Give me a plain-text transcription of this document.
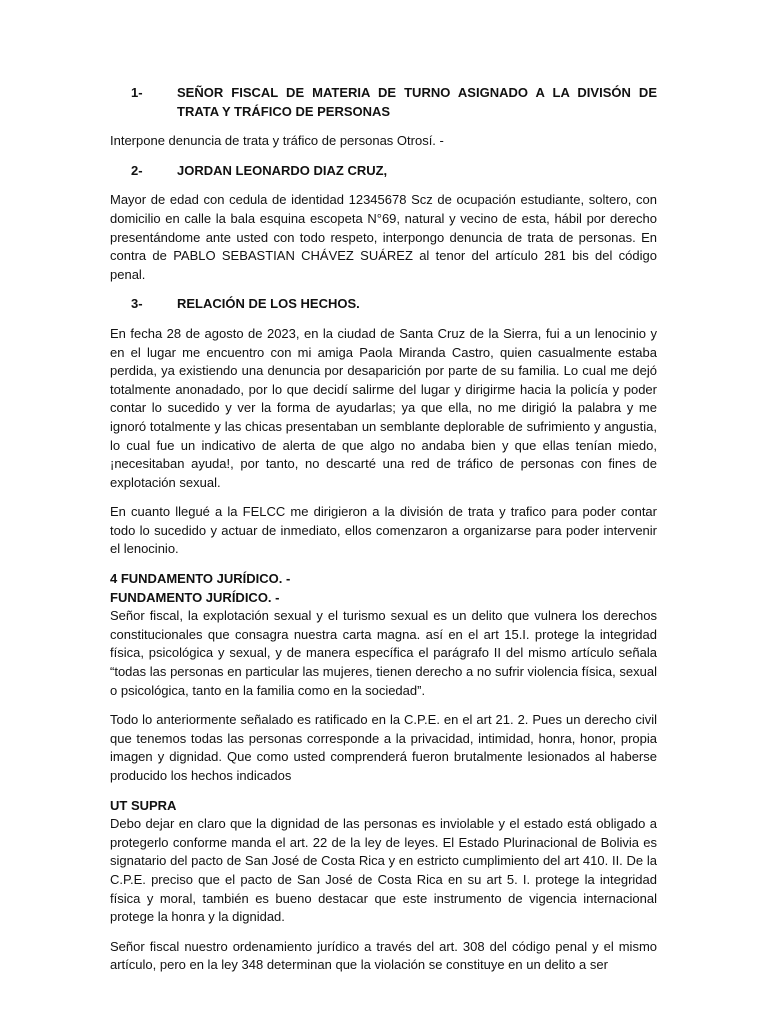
1-	SEÑOR FISCAL DE MATERIA DE TURNO ASIGNADO A LA DIVISÓN DE TRATA Y TRÁFICO DE PERSONAS

Interpone denuncia de trata y tráfico de personas Otrosí. -

2-	JORDAN LEONARDO DIAZ CRUZ,

Mayor de edad con cedula de identidad 12345678 Scz de ocupación estudiante, soltero, con domicilio en calle la bala esquina escopeta N°69, natural y vecino de esta, hábil por derecho presentándome ante usted con todo respeto, interpongo denuncia de trata de personas. En contra de PABLO SEBASTIAN CHÁVEZ SUÁREZ al tenor del artículo 281 bis del código penal.

3-	RELACIÓN DE LOS HECHOS.

En fecha 28 de agosto de 2023, en la ciudad de Santa Cruz de la Sierra, fui a un lenocinio y en el lugar me encuentro con mi amiga Paola Miranda Castro, quien casualmente estaba perdida, ya existiendo una denuncia por desaparición por parte de su familia. Lo cual me dejó totalmente anonadado, por lo que decidí salirme del lugar y dirigirme hacia la policía y poder contar lo sucedido y ver la forma de ayudarlas; ya que ella, no me dirigió la palabra y me ignoró totalmente y las chicas presentaban un semblante deplorable de sufrimiento y angustia, lo cual fue un indicativo de alerta de que algo no andaba bien y que ellas tenían miedo, ¡necesitaban ayuda!, por tanto, no descarté una red de tráfico de personas con fines de explotación sexual.

En cuanto llegué a la FELCC me dirigieron a la división de trata y trafico para poder contar todo lo sucedido y actuar de inmediato, ellos comenzaron a organizarse para poder intervenir el lenocinio.

4 FUNDAMENTO JURÍDICO. -

FUNDAMENTO JURÍDICO. -

Señor fiscal, la explotación sexual y el turismo sexual es un delito que vulnera los derechos constitucionales que consagra nuestra carta magna. así en el art 15.I. protege la integridad física, psicológica y sexual, y de manera específica el parágrafo II del mismo artículo señala “todas las personas en particular las mujeres, tienen derecho a no sufrir violencia física, sexual o psicológica, tanto en la familia como en la sociedad”.

Todo lo anteriormente señalado es ratificado en la C.P.E. en el art 21. 2. Pues un derecho civil que tenemos todas las personas corresponde a la privacidad, intimidad, honra, honor, propia imagen y dignidad. Que como usted comprenderá fueron brutalmente lesionados al haberse producido los hechos indicados

UT SUPRA

Debo dejar en claro que la dignidad de las personas es inviolable y el estado está obligado a protegerlo conforme manda el art. 22 de la ley de leyes. El Estado Plurinacional de Bolivia es signatario del pacto de San José de Costa Rica y en estricto cumplimiento del art 410. II. De la C.P.E. preciso que el pacto de San José de Costa Rica en su art 5. I. protege la integridad física y moral, también es bueno destacar que este instrumento de vigencia internacional protege la honra y la dignidad.

Señor fiscal nuestro ordenamiento jurídico a través del art. 308 del código penal y el mismo artículo, pero en la ley 348 determinan que la violación se constituye en un delito a ser
